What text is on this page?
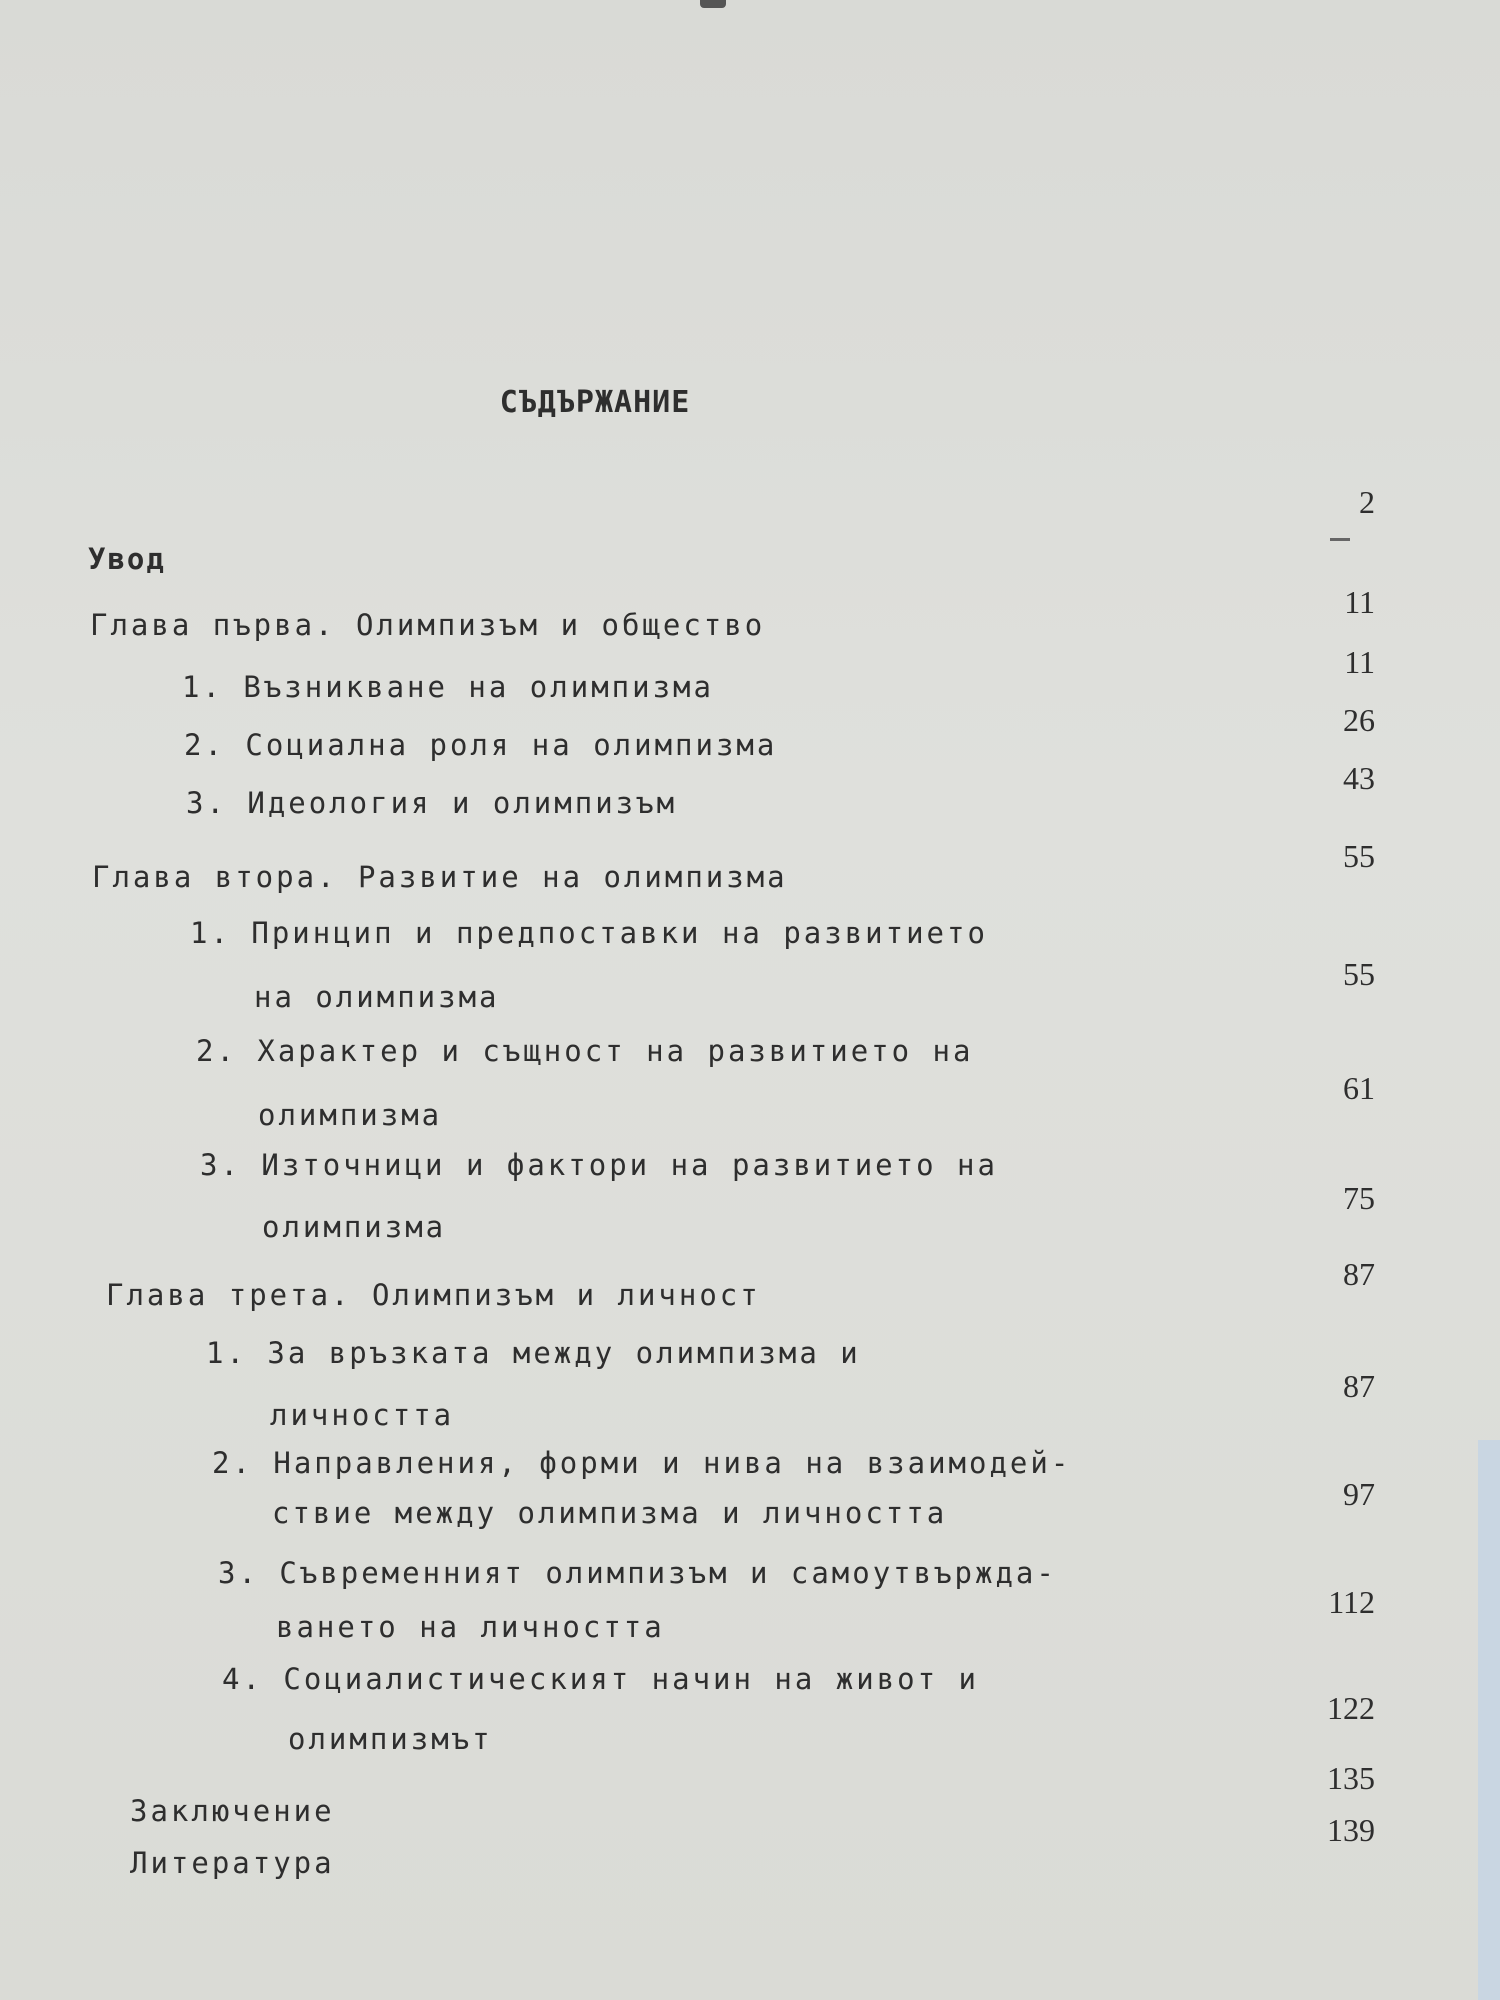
СЪДЪРЖАНИЕ
Увод
Глава първа. Олимпизъм и общество
1. Възникване на олимпизма
2. Социална роля на олимпизма
3. Идеология и олимпизъм
Глава втора. Развитие на олимпизма
1. Принцип и предпоставки на развитието
на олимпизма
2. Характер и същност на развитието на
олимпизма
3. Източници и фактори на развитието на
олимпизма
Глава трета. Олимпизъм и личност
1. За връзката между олимпизма и
личността
2. Направления, форми и нива на взаимодей-
ствие между олимпизма и личността
3. Съвременният олимпизъм и самоутвържда-
ването на личността
4. Социалистическият начин на живот и
олимпизмът
Заключение
Литература
2
11
11
26
43
55
55
61
75
87
87
97
112
122
135
139
